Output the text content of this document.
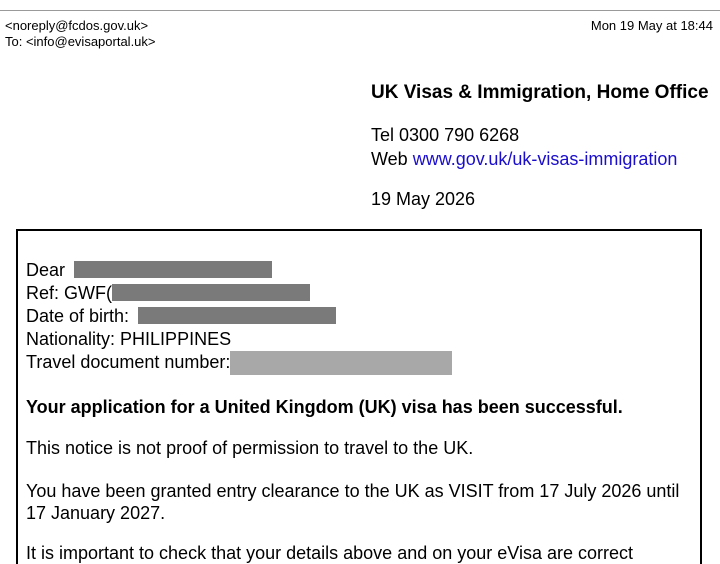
<noreply@fcdos.gov.uk>
To: <info@evisaportal.uk>
Mon 19 May at 18:44

UK Visas & Immigration, Home Office

Tel 0300 790 6268
Web www.gov.uk/uk-visas-immigration
19 May 2026
Dear
Ref: GWF(
Date of birth:
Nationality: PHILIPPINES
Travel document number:

Your application for a United Kingdom (UK) visa has been successful.

This notice is not proof of permission to travel to the UK.

You have been granted entry clearance to the UK as VISIT from 17 July 2026 until 17 January 2027.

It is important to check that your details above and on your eVisa are correct
